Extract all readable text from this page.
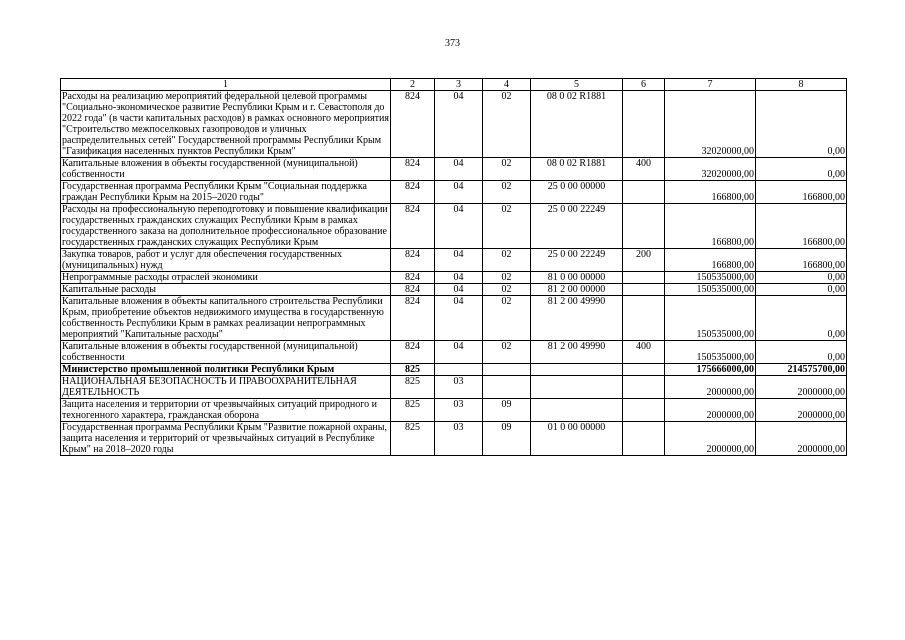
373
1	2	3	4	5	6	7	8
Расходы на реализацию мероприятий федеральной целевой программы "Социально-экономическое развитие Республики Крым и г. Севастополя до 2022 года" (в части капитальных расходов) в рамках основного мероприятия "Строительство межпоселковых газопроводов и уличных распределительных сетей" Государственной программы Республики Крым "Газификация населенных пунктов Республики Крым"	824	04	02	08 0 02 R1881		32020000,00	0,00
Капитальные вложения в объекты государственной (муниципальной) собственности	824	04	02	08 0 02 R1881	400	32020000,00	0,00
Государственная программа Республики Крым "Социальная поддержка граждан Республики Крым на 2015–2020 годы"	824	04	02	25 0 00 00000		166800,00	166800,00
Расходы на профессиональную переподготовку и повышение квалификации государственных гражданских служащих Республики Крым в рамках государственного заказа на дополнительное профессиональное образование государственных гражданских служащих Республики Крым	824	04	02	25 0 00 22249		166800,00	166800,00
Закупка товаров, работ и услуг для обеспечения государственных (муниципальных) нужд	824	04	02	25 0 00 22249	200	166800,00	166800,00
Непрограммные расходы отраслей экономики	824	04	02	81 0 00 00000		150535000,00	0,00
Капитальные расходы	824	04	02	81 2 00 00000		150535000,00	0,00
Капитальные вложения в объекты капитального строительства Республики Крым, приобретение объектов недвижимого имущества в государственную собственность Республики Крым в рамках реализации непрограммных мероприятий "Капитальные расходы"	824	04	02	81 2 00 49990		150535000,00	0,00
Капитальные вложения в объекты государственной (муниципальной) собственности	824	04	02	81 2 00 49990	400	150535000,00	0,00
Министерство промышленной политики Республики Крым	825					175666000,00	214575700,00
НАЦИОНАЛЬНАЯ БЕЗОПАСНОСТЬ И ПРАВООХРАНИТЕЛЬНАЯ ДЕЯТЕЛЬНОСТЬ	825	03				2000000,00	2000000,00
Защита населения и территории от чрезвычайных ситуаций природного и техногенного характера, гражданская оборона	825	03	09			2000000,00	2000000,00
Государственная программа Республики Крым "Развитие пожарной охраны, защита населения и территорий от чрезвычайных ситуаций в Республике Крым" на 2018–2020 годы	825	03	09	01 0 00 00000		2000000,00	2000000,00
